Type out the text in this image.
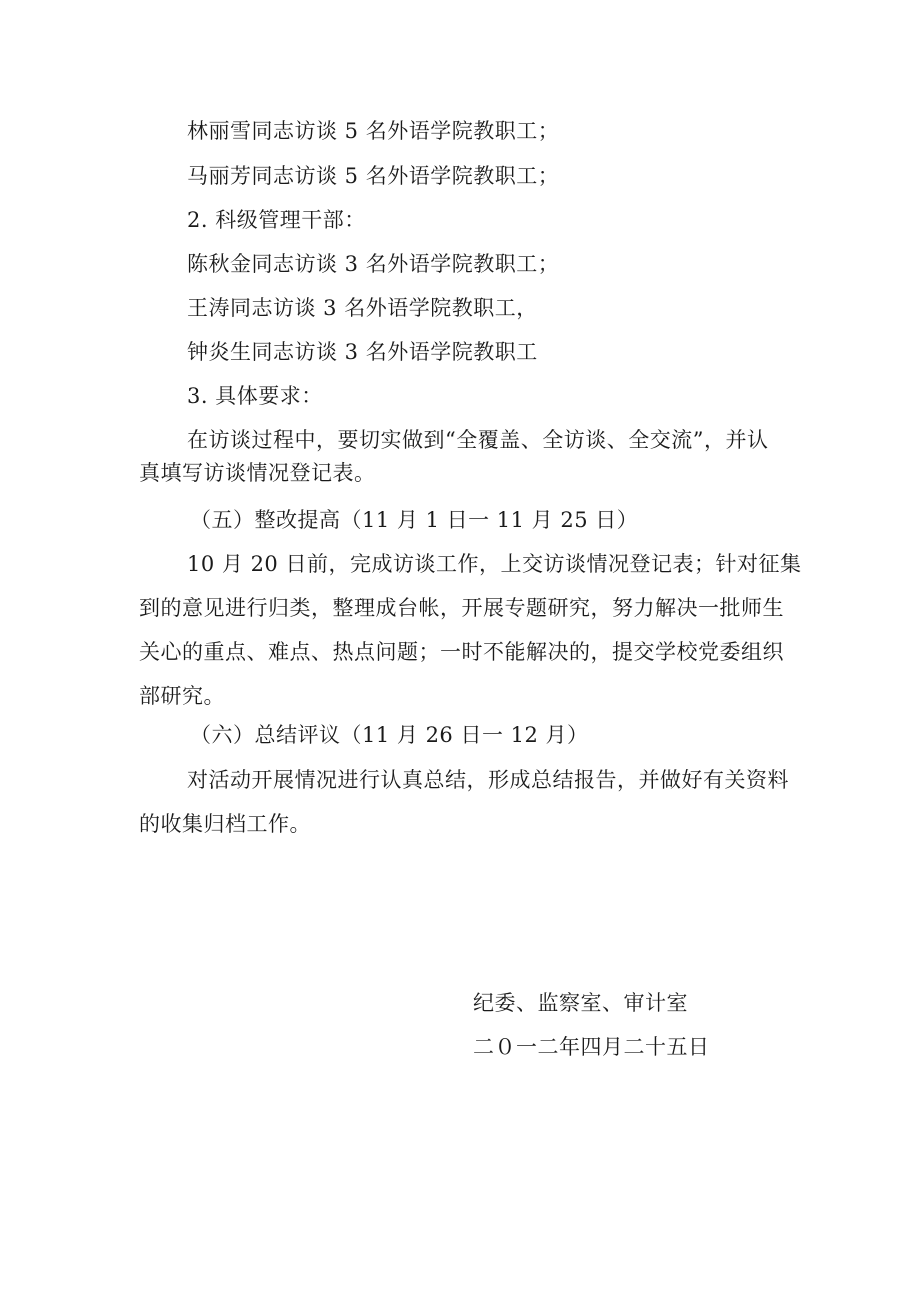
林丽雪同志访谈 5 名外语学院教职工；
马丽芳同志访谈 5 名外语学院教职工；
2. 科级管理干部：
陈秋金同志访谈 3 名外语学院教职工；
王涛同志访谈 3 名外语学院教职工，
钟炎生同志访谈 3 名外语学院教职工
3. 具体要求：
在访谈过程中，要切实做到“全覆盖、全访谈、全交流”，并认
真填写访谈情况登记表。
（五）整改提高（11 月 1 日一 11 月 25 日）
10 月 20 日前，完成访谈工作，上交访谈情况登记表；针对征集
到的意见进行归类，整理成台帐，开展专题研究，努力解决一批师生
关心的重点、难点、热点问题；一时不能解决的，提交学校党委组织
部研究。
（六）总结评议（11 月 26 日一 12 月）
对活动开展情况进行认真总结，形成总结报告，并做好有关资料
的收集归档工作。
纪委、监察室、审计室
二０一二年四月二十五日
